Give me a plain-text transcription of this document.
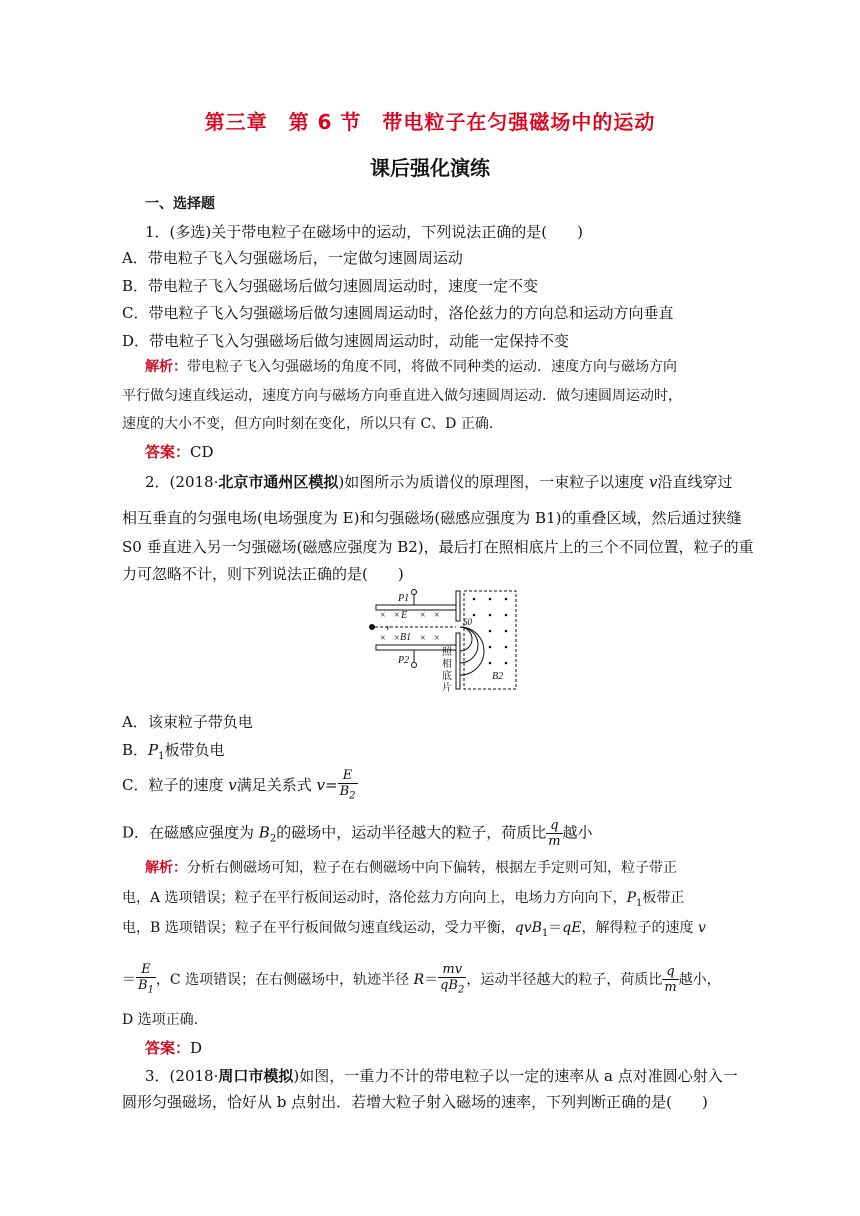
第三章　第 6 节　带电粒子在匀强磁场中的运动
课后强化演练
一、选择题
1．(多选)关于带电粒子在磁场中的运动，下列说法正确的是(　　)
A．带电粒子飞入匀强磁场后，一定做匀速圆周运动
B．带电粒子飞入匀强磁场后做匀速圆周运动时，速度一定不变
C．带电粒子飞入匀强磁场后做匀速圆周运动时，洛伦兹力的方向总和运动方向垂直
D．带电粒子飞入匀强磁场后做匀速圆周运动时，动能一定保持不变
解析：带电粒子飞入匀强磁场的角度不同，将做不同种类的运动．速度方向与磁场方向
平行做匀速直线运动，速度方向与磁场方向垂直进入做匀速圆周运动．做匀速圆周运动时，
速度的大小不变，但方向时刻在变化，所以只有 C、D 正确．
答案：CD
2．(2018·北京市通州区模拟)如图所示为质谱仪的原理图，一束粒子以速度 v沿直线穿过
相互垂直的匀强电场(电场强度为 E)和匀强磁场(磁感应强度为 B1)的重叠区域，然后通过狭缝
S0 垂直进入另一匀强磁场(磁感应强度为 B2)，最后打在照相底片上的三个不同位置，粒子的重
力可忽略不计，则下列说法正确的是(　　)
× × × ×
× × × ×
E
B1
v
P1
P2
S0
B2
照
相
底
片
A．该束粒子带负电
B．$P_1$板带负电
C．粒子的速度 v满足关系式 $v= \frac{E}{B_2}$
D．在磁感应强度为 $B_2$的磁场中，运动半径越大的粒子，荷质比 $\frac{q}{m}$ 越小
解析：分析右侧磁场可知，粒子在右侧磁场中向下偏转，根据左手定则可知，粒子带正
电，A 选项错误；粒子在平行板间运动时，洛伦兹力方向向上，电场力方向向下，$P_1$板带正
电，B 选项错误；粒子在平行板间做匀速直线运动，受力平衡，qvB$_1$＝qE，解得粒子的速度 v
＝ $\frac{E}{B_1}$ ，C 选项错误；在右侧磁场中，轨迹半径 $R= \frac{mv}{qB_2}$ ，运动半径越大的粒子，荷质比 $\frac{q}{m}$ 越小，
D 选项正确．
答案：D
3．(2018·周口市模拟)如图，一重力不计的带电粒子以一定的速率从 a 点对准圆心射入一
圆形匀强磁场，恰好从 b 点射出．若增大粒子射入磁场的速率，下列判断正确的是(　　)
